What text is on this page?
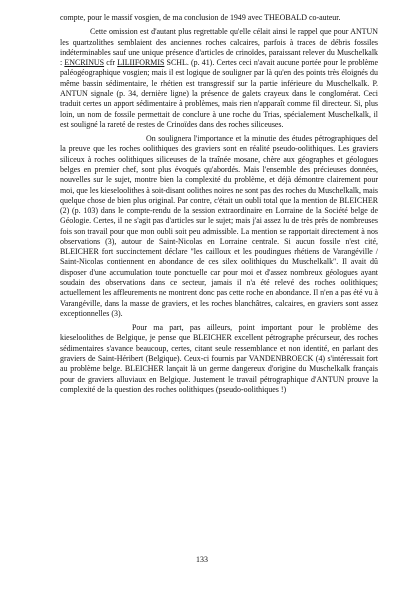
compte, pour le massif vosgien, de ma conclusion de 1949 avec THEOBALD co-auteur.

Cette omission est d'autant plus regrettable qu'elle célait ainsi le rappel que pour ANTUN les quartzolithes semblaient des anciennes roches calcaires, parfois à traces de débris fossiles indéterminables sauf une unique présence d'articles de crinoïdes, paraissant relever du Muschelkalk : ENCRINUS cfr LILIIFORMIS SCHL. (p. 41). Certes ceci n'avait aucune portée pour le problème paléogéographique vosgien; mais il est logique de souligner par là qu'en des points très éloignés du même bassin sédimentaire, le rhétien est transgressif sur la partie inférieure du Muschelkalk. P. ANTUN signale (p. 34, dernière ligne) la présence de galets crayeux dans le conglomérat. Ceci traduit certes un apport sédimentaire à problèmes, mais rien n'apparaît comme fil directeur. Si, plus loin, un nom de fossile permettait de conclure à une roche du Trias, spécialement Muschelkalk, il est souligné la rareté de restes de Crinoïdes dans des roches siliceuses.

On soulignera l'importance et la minutie des études pétrographiques del la preuve que les roches oolithiques des graviers sont en réalité pseudo-oolithiques. Les graviers siliceux à roches oolithiques siliceuses de la traînée mosane, chère aux géographes et géologues belges en premier chef, sont plus évoqués qu'abordés. Mais l'ensemble des précieuses données, nouvelles sur le sujet, montre bien la complexité du problème, et déjà démontre clairement pour moi, que les kieseloolithes à soit-disant oolithes noires ne sont pas des roches du Muschelkalk, mais quelque chose de bien plus original. Par contre, c'était un oubli total que la mention de BLEICHER (2) (p. 103) dans le compte-rendu de la session extraordinaire en Lorraine de la Société belge de Géologie. Certes, il ne s'agit pas d'articles sur le sujet; mais j'ai assez lu de très près de nombreuses fois son travail pour que mon oubli soit peu admissible. La mention se rapportait directement à nos observations (3), autour de Saint-Nicolas en Lorraine centrale. Si aucun fossile n'est cité, BLEICHER fort succinctement déclare "les cailloux et les poudingues rhétiens de Varangéville / Saint-Nicolas contiennent en abondance de ces silex oolithiques du Muschelkalk". Il avait dû disposer d'une accumulation toute ponctuelle car pour moi et d'assez nombreux géologues ayant soudain des observations dans ce secteur, jamais il n'a été relevé des roches oolithiques; actuellement les affleurements ne montrent donc pas cette roche en abondance. Il n'en a pas été vu à Varangéville, dans la masse de graviers, et les roches blanchâtres, calcaires, en graviers sont assez exceptionnelles (3).

Pour ma part, pas ailleurs, point important pour le problème des kieseloolithes de Belgique, je pense que BLEICHER excellent pétrographe précurseur, des roches sédimentaires s'avance beaucoup, certes, citant seule ressemblance et non identité, en parlant des graviers de Saint-Héribert (Belgique). Ceux-ci fournis par VANDENBROECK (4) s'intéressait fort au problème belge. BLEICHER lançait là un germe dangereux d'origine du Muschelkalk français pour de graviers alluviaux en Belgique. Justement le travail pétrographique d'ANTUN prouve la complexité de la question des roches oolithiques (pseudo-oolithiques !)

133
